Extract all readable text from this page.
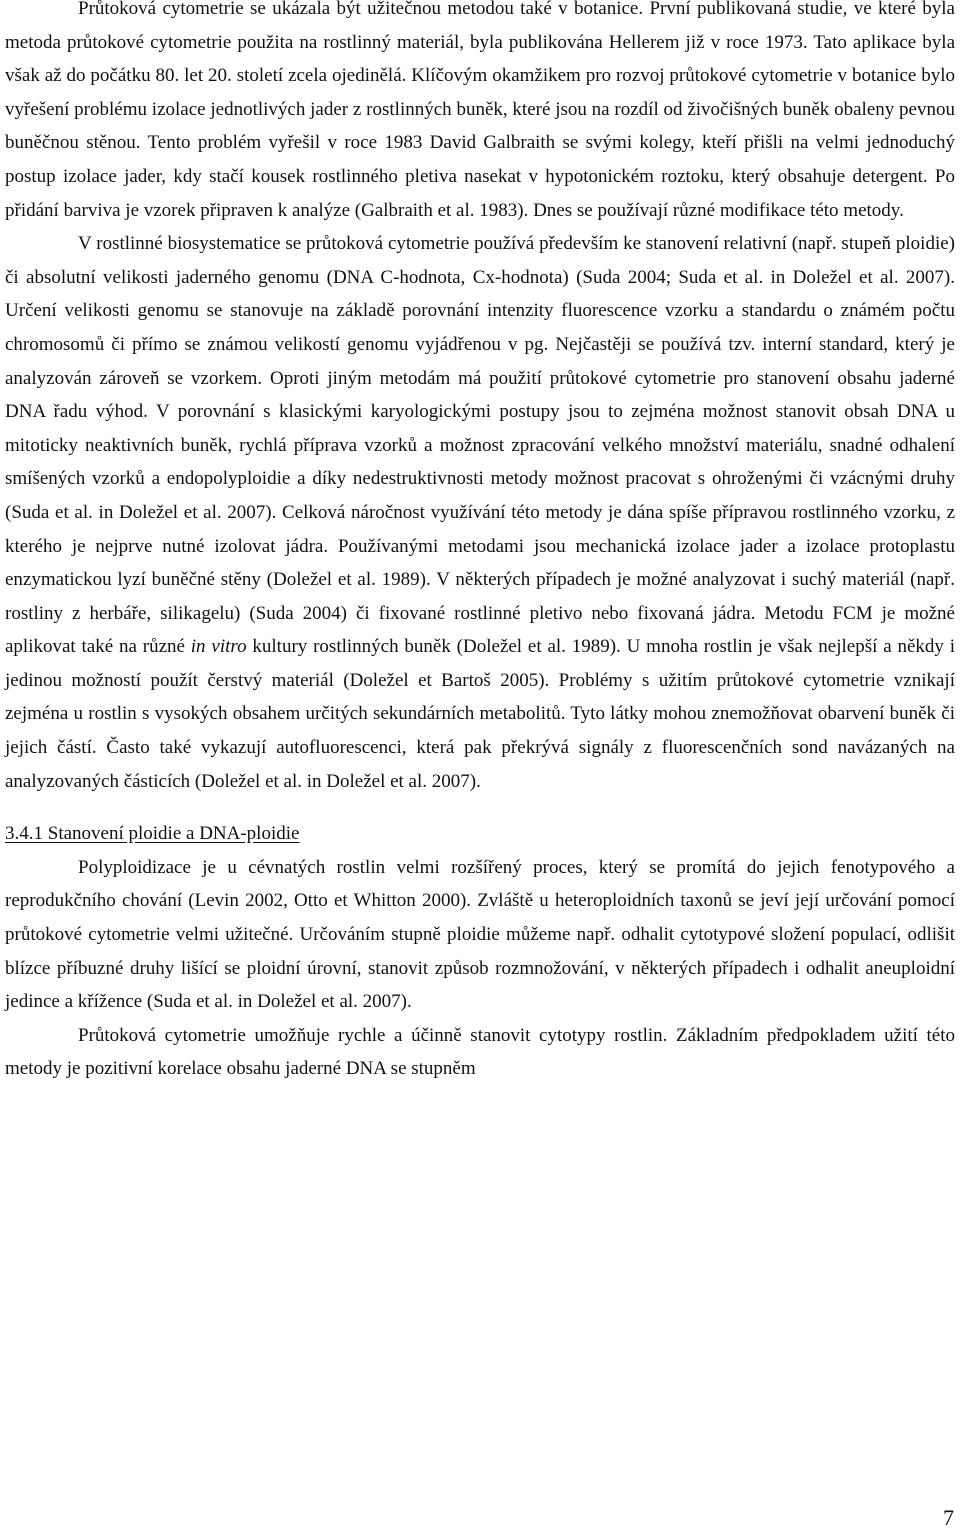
Průtoková cytometrie se ukázala být užitečnou metodou také v botanice. První publikovaná studie, ve které byla metoda průtokové cytometrie použita na rostlinný materiál, byla publikována Hellerem již v roce 1973. Tato aplikace byla však až do počátku 80. let 20. století zcela ojedinělá. Klíčovým okamžikem pro rozvoj průtokové cytometrie v botanice bylo vyřešení problému izolace jednotlivých jader z rostlinných buněk, které jsou na rozdíl od živočišných buněk obaleny pevnou buněčnou stěnou. Tento problém vyřešil v roce 1983 David Galbraith se svými kolegy, kteří přišli na velmi jednoduchý postup izolace jader, kdy stačí kousek rostlinného pletiva nasekat v hypotonickém roztoku, který obsahuje detergent. Po přidání barviva je vzorek připraven k analýze (Galbraith et al. 1983). Dnes se používají různé modifikace této metody.

V rostlinné biosystematice se průtoková cytometrie používá především ke stanovení relativní (např. stupeň ploidie) či absolutní velikosti jaderného genomu (DNA C-hodnota, Cx-hodnota) (Suda 2004; Suda et al. in Doležel et al. 2007). Určení velikosti genomu se stanovuje na základě porovnání intenzity fluorescence vzorku a standardu o známém počtu chromosomů či přímo se známou velikostí genomu vyjádřenou v pg. Nejčastěji se používá tzv. interní standard, který je analyzován zároveň se vzorkem. Oproti jiným metodám má použití průtokové cytometrie pro stanovení obsahu jaderné DNA řadu výhod. V porovnání s klasickými karyologickými postupy jsou to zejména možnost stanovit obsah DNA u mitoticky neaktivních buněk, rychlá příprava vzorků a možnost zpracování velkého množství materiálu, snadné odhalení smíšených vzorků a endopolyploidie a díky nedestruktivnosti metody možnost pracovat s ohroženými či vzácnými druhy (Suda et al. in Doležel et al. 2007). Celková náročnost využívání této metody je dána spíše přípravou rostlinného vzorku, z kterého je nejprve nutné izolovat jádra. Používanými metodami jsou mechanická izolace jader a izolace protoplastu enzymatickou lyzí buněčné stěny (Doležel et al. 1989). V některých případech je možné analyzovat i suchý materiál (např. rostliny z herbáře, silikagelu) (Suda 2004) či fixované rostlinné pletivo nebo fixovaná jádra. Metodu FCM je možné aplikovat také na různé in vitro kultury rostlinných buněk (Doležel et al. 1989). U mnoha rostlin je však nejlepší a někdy i jedinou možností použít čerstvý materiál (Doležel et Bartoš 2005). Problémy s užitím průtokové cytometrie vznikají zejména u rostlin s vysokých obsahem určitých sekundárních metabolitů. Tyto látky mohou znemožňovat obarvení buněk či jejich částí. Často také vykazují autofluorescenci, která pak překrývá signály z fluorescenčních sond navázaných na analyzovaných částicích (Doležel et al. in Doležel et al. 2007).

3.4.1 Stanovení ploidie a DNA-ploidie

Polyploidizace je u cévnatých rostlin velmi rozšířený proces, který se promítá do jejich fenotypového a reprodukčního chování (Levin 2002, Otto et Whitton 2000). Zvláště u heteroploidních taxonů se jeví její určování pomocí průtokové cytometrie velmi užitečné. Určováním stupně ploidie můžeme např. odhalit cytotypové složení populací, odlišit blízce příbuzné druhy lišící se ploidní úrovní, stanovit způsob rozmnožování, v některých případech i odhalit aneuploidní jedince a křížence (Suda et al. in Doležel et al. 2007).

Průtoková cytometrie umožňuje rychle a účinně stanovit cytotypy rostlin. Základním předpokladem užití této metody je pozitivní korelace obsahu jaderné DNA se stupněm

7
